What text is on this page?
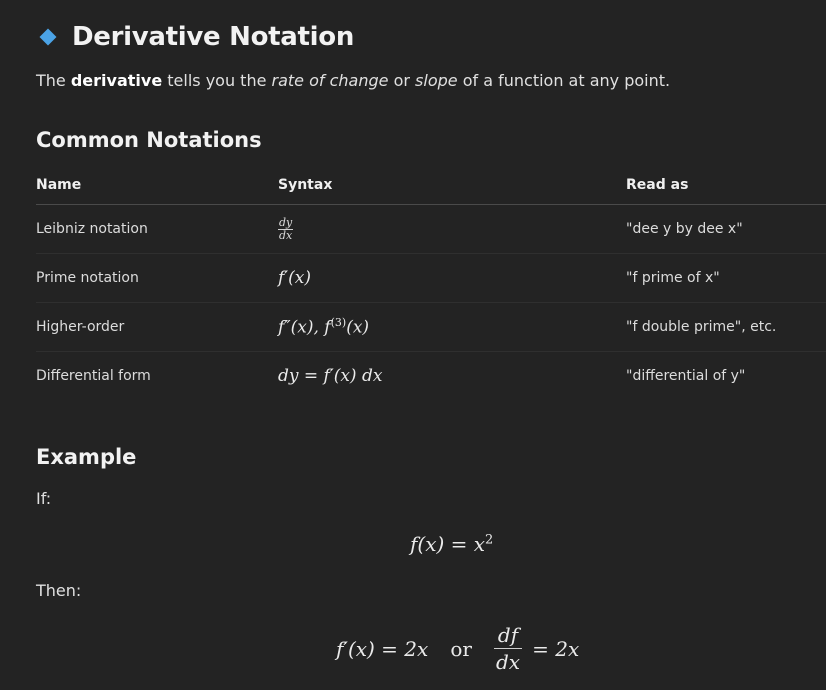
Derivative Notation
The derivative tells you the rate of change or slope of a function at any point.
Common Notations
Name	Syntax	Read as
Leibniz notation	$\frac{dy}{dx}$	"dee y by dee x"
Prime notation	f′(x)	"f prime of x"
Higher-order	f″(x), $f^{(3)}(x)$	"f double prime", etc.
Differential form	dy = f′(x) dx	"differential of y"
Example
If:
$f(x) = x^2$
Then:
f′(x) = 2x or $\frac{df}{dx} = 2x$
